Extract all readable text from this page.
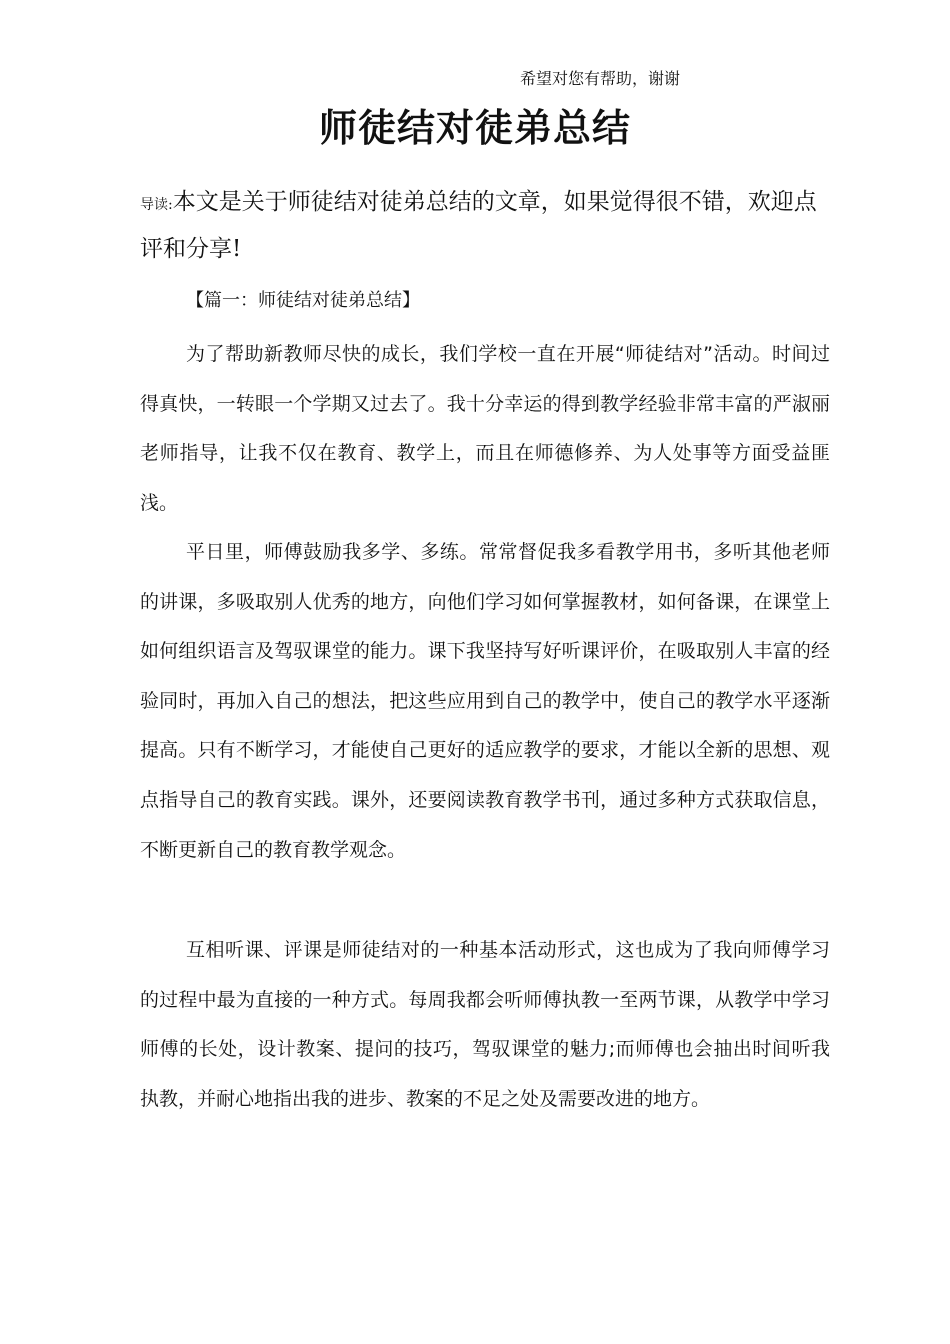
希望对您有帮助，谢谢
师徒结对徒弟总结
导读:本文是关于师徒结对徒弟总结的文章，如果觉得很不错，欢迎点评和分享!
【篇一：师徒结对徒弟总结】

为了帮助新教师尽快的成长，我们学校一直在开展“师徒结对”活动。时间过得真快，一转眼一个学期又过去了。我十分幸运的得到教学经验非常丰富的严淑丽老师指导，让我不仅在教育、教学上，而且在师德修养、为人处事等方面受益匪浅。

平日里，师傅鼓励我多学、多练。常常督促我多看教学用书，多听其他老师的讲课，多吸取别人优秀的地方，向他们学习如何掌握教材，如何备课，在课堂上如何组织语言及驾驭课堂的能力。课下我坚持写好听课评价，在吸取别人丰富的经验同时，再加入自己的想法，把这些应用到自己的教学中，使自己的教学水平逐渐提高。只有不断学习，才能使自己更好的适应教学的要求，才能以全新的思想、观点指导自己的教育实践。课外，还要阅读教育教学书刊，通过多种方式获取信息，不断更新自己的教育教学观念。

互相听课、评课是师徒结对的一种基本活动形式，这也成为了我向师傅学习的过程中最为直接的一种方式。每周我都会听师傅执教一至两节课，从教学中学习师傅的长处，设计教案、提问的技巧，驾驭课堂的魅力;而师傅也会抽出时间听我执教，并耐心地指出我的进步、教案的不足之处及需要改进的地方。
